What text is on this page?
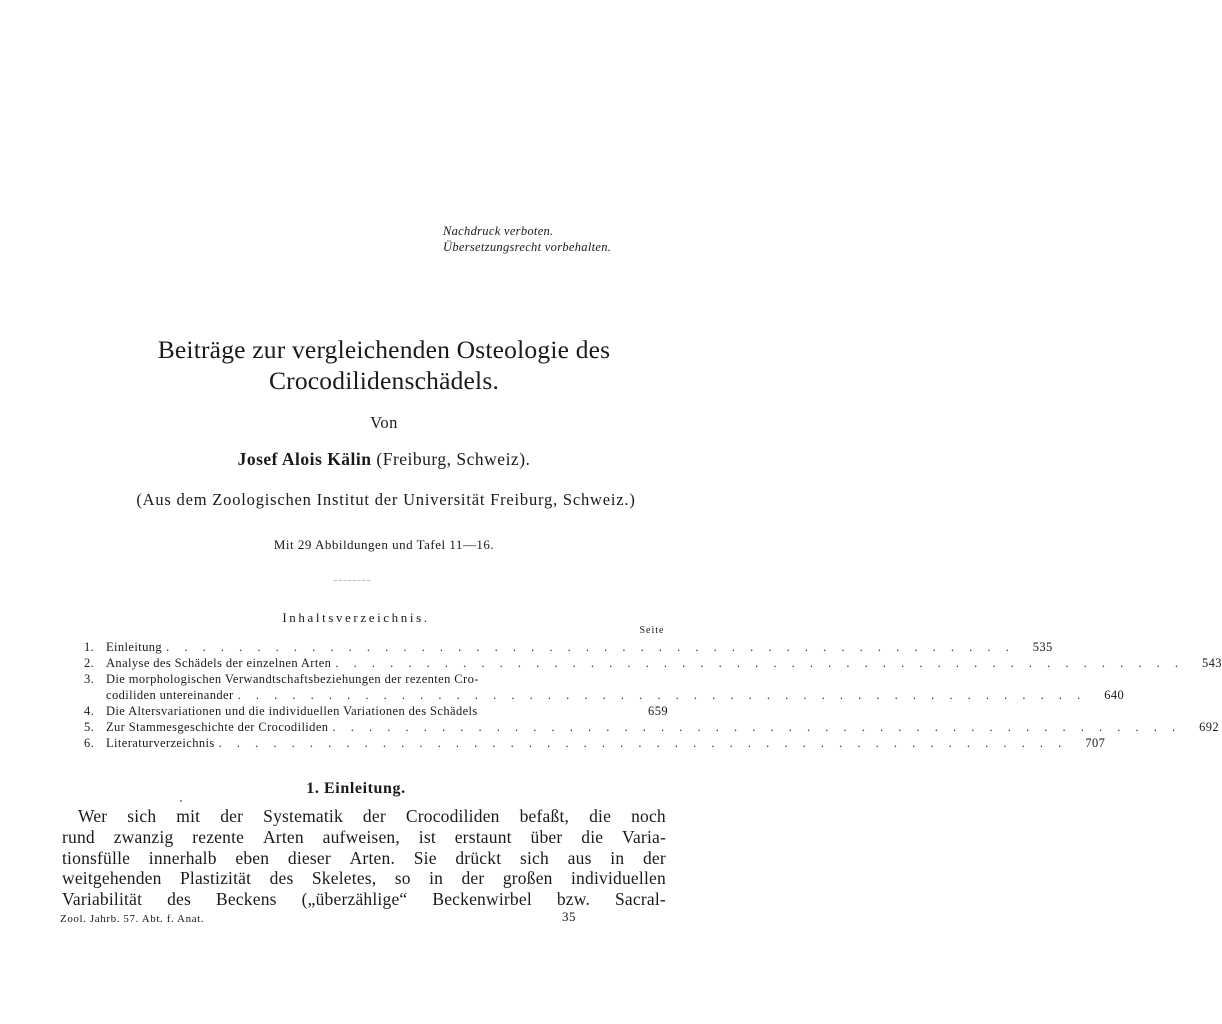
Nachdruck verboten.
Übersetzungsrecht vorbehalten.
Beiträge zur vergleichenden Osteologie des
Crocodilidenschädels.
Von
Josef Alois Kälin (Freiburg, Schweiz).
(Aus dem Zoologischen Institut der Universität Freiburg, Schweiz.)
Mit 29 Abbildungen und Tafel 11—16.
Inhaltsverzeichnis.
Seite
1. Einleitung . . . . . . . . . . . . . . . . . . . . . . . . . . . . . . . . . . . . . . . . . . . . . . .	535
2. Analyse des Schädels der einzelnen Arten . . . . . . . . . . . . . . . . . . . . . . . . . . . . . . . . . . . . . . . . . . . . . . .	543
3. Die morphologischen Verwandtschaftsbeziehungen der rezenten Cro-
codiliden untereinander . . . . . . . . . . . . . . . . . . . . . . . . . . . . . . . . . . . . . . . . . . . . . . .	640
4. Die Altersvariationen und die individuellen Variationen des Schädels	659
5. Zur Stammesgeschichte der Crocodiliden . . . . . . . . . . . . . . . . . . . . . . . . . . . . . . . . . . . . . . . . . . . . . . .	692
6. Literaturverzeichnis . . . . . . . . . . . . . . . . . . . . . . . . . . . . . . . . . . . . . . . . . . . . . . .	707
1. Einleitung.
Wer sich mit der Systematik der Crocodiliden befaßt, die noch
rund zwanzig rezente Arten aufweisen, ist erstaunt über die Varia-
tionsfülle innerhalb eben dieser Arten. Sie drückt sich aus in der
weitgehenden Plastizität des Skeletes, so in der großen individuellen
Variabilität des Beckens („überzählige“ Beckenwirbel bzw. Sacral-
Zool. Jahrb. 57. Abt. f. Anat.	35
